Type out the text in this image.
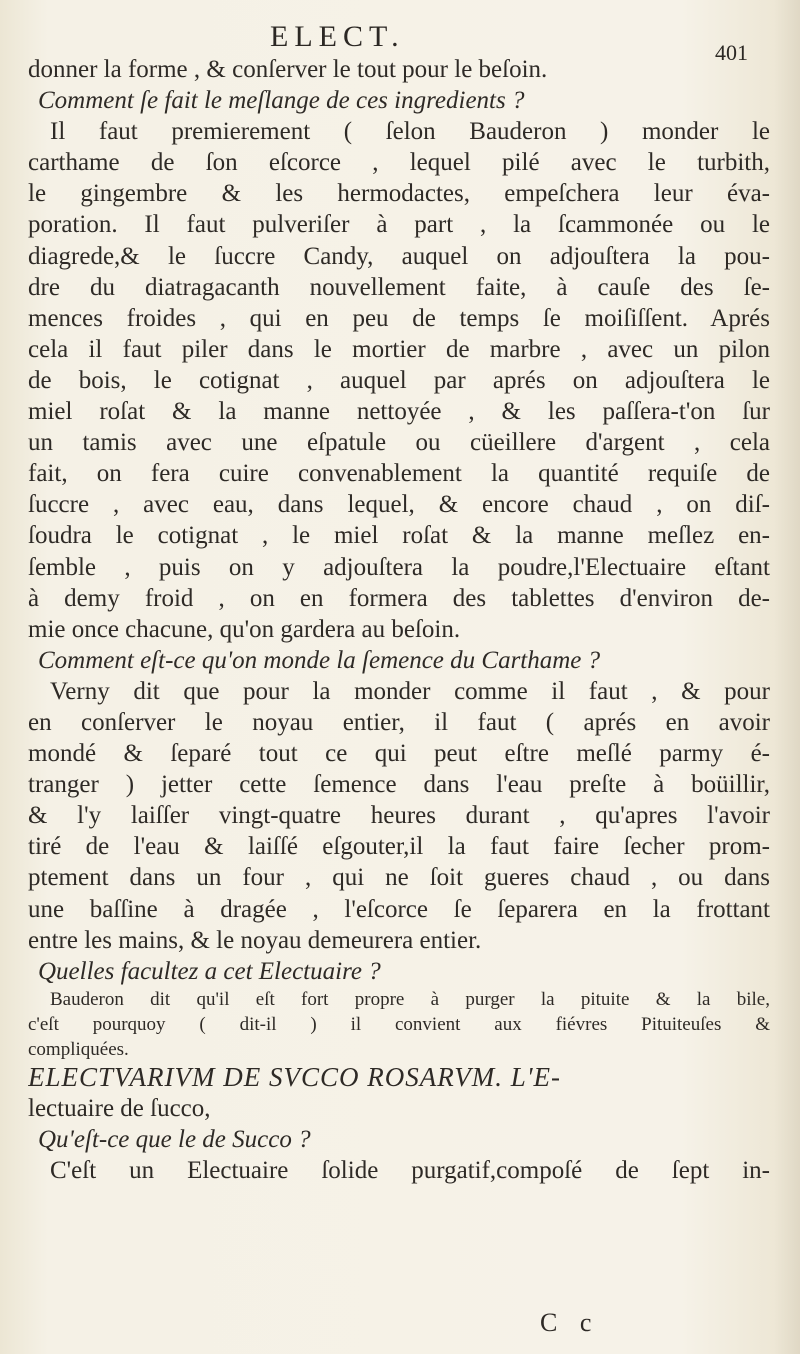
ELECT.	401
donner la forme , & conſerver le tout pour le beſoin.
Comment ſe fait le meſlange de ces ingredients ?
Il faut premierement ( ſelon Bauderon ) monder le
carthame de ſon eſcorce , lequel pilé avec le turbith,
le gingembre & les hermodactes, empeſchera leur éva-
poration. Il faut pulveriſer à part , la ſcammonée ou le
diagrede,& le ſuccre Candy, auquel on adjouſtera la pou-
dre du diatragacanth nouvellement faite, à cauſe des ſe-
mences froides , qui en peu de temps ſe moiſiſſent. Aprés
cela il faut piler dans le mortier de marbre , avec un pilon
de bois, le cotignat , auquel par aprés on adjouſtera le
miel roſat & la manne nettoyée , & les paſſera-t'on ſur
un tamis avec une eſpatule ou cüeillere d'argent , cela
fait, on fera cuire convenablement la quantité requiſe de
ſuccre , avec eau, dans lequel, & encore chaud , on diſ-
ſoudra le cotignat , le miel roſat & la manne meſlez en-
ſemble , puis on y adjouſtera la poudre,l'Electuaire eſtant
à demy froid , on en formera des tablettes d'environ de-
mie once chacune, qu'on gardera au beſoin.
Comment eſt-ce qu'on monde la ſemence du Carthame ?
Verny dit que pour la monder comme il faut , & pour
en conſerver le noyau entier, il faut ( aprés en avoir
mondé & ſeparé tout ce qui peut eſtre meſlé parmy é-
tranger ) jetter cette ſemence dans l'eau preſte à boüillir,
& l'y laiſſer vingt-quatre heures durant , qu'apres l'avoir
tiré de l'eau & laiſſé eſgouter,il la faut faire ſecher prom-
ptement dans un four , qui ne ſoit gueres chaud , ou dans
une baſſine à dragée , l'eſcorce ſe ſeparera en la frottant
entre les mains, & le noyau demeurera entier.
Quelles facultez a cet Electuaire ?
Bauderon dit qu'il eſt fort propre à purger la pituite & la bile,
c'eſt pourquoy ( dit-il ) il convient aux fiévres Pituiteuſes &
compliquées.
ELECTVARIVM DE SVCCO ROSARVM. L'E-
lectuaire de ſucco,
Qu'eſt-ce que le de Succo ?
C'eſt un Electuaire ſolide purgatif,compoſé de ſept in-
C c
